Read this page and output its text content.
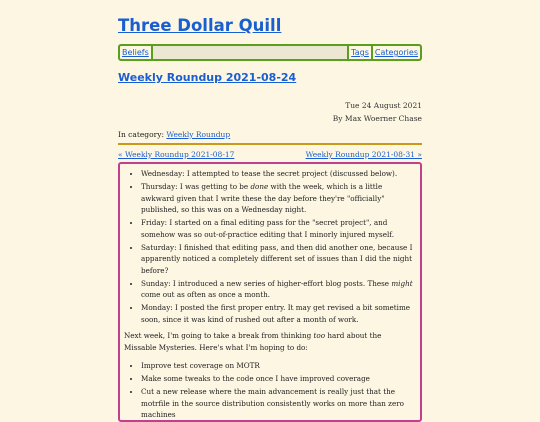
Three Dollar Quill
Beliefs	Tags Categories
Weekly Roundup 2021-08-24
Tue 24 August 2021
By Max Woerner Chase
In category: Weekly Roundup
« Weekly Roundup 2021-08-17	Weekly Roundup 2021-08-31 »
• Wednesday: I attempted to tease the secret project (discussed below).
• Thursday: I was getting to be done with the week, which is a little awkward given that I write these the day before they're "officially" published, so this was on a Wednesday night.
• Friday: I started on a final editing pass for the "secret project", and somehow was so out-of-practice editing that I minorly injured myself.
• Saturday: I finished that editing pass, and then did another one, because I apparently noticed a completely different set of issues than I did the night before?
• Sunday: I introduced a new series of higher-effort blog posts. These might come out as often as once a month.
• Monday: I posted the first proper entry. It may get revised a bit sometime soon, since it was kind of rushed out after a month of work.

Next week, I'm going to take a break from thinking too hard about the Missable Mysteries. Here's what I'm hoping to do:

• Improve test coverage on MOTR
• Make some tweaks to the code once I have improved coverage
• Cut a new release where the main advancement is really just that the motrfile in the source distribution consistently works on more than zero machines
